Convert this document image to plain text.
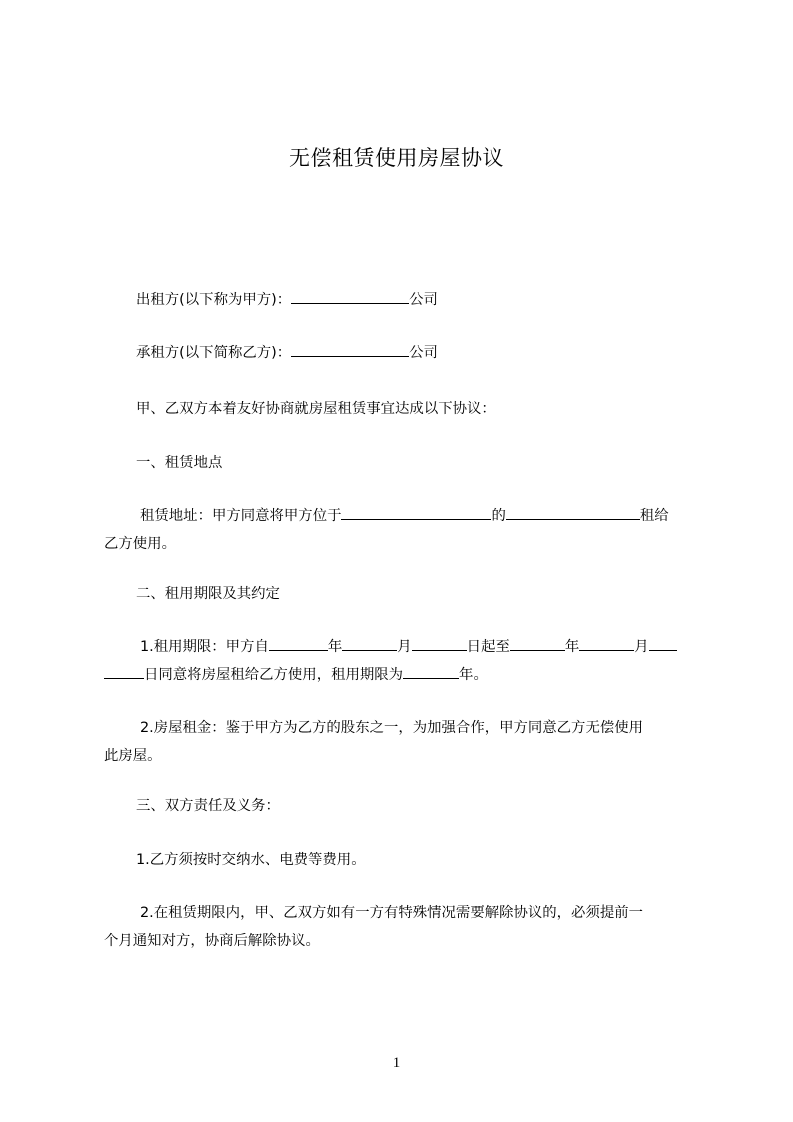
无偿租赁使用房屋协议
出租方(以下称为甲方)：	公司
承租方(以下简称乙方)：	公司
甲、乙双方本着友好协商就房屋租赁事宜达成以下协议：
一、租赁地点
租赁地址：甲方同意将甲方位于	的	租给
乙方使用。
二、租用期限及其约定
1.租用期限：甲方自	年	月	日起至	年	月
日同意将房屋租给乙方使用，租用期限为	年。
2.房屋租金：鉴于甲方为乙方的股东之一，为加强合作，甲方同意乙方无偿使用
此房屋。
三、双方责任及义务：
1.乙方须按时交纳水、电费等费用。
2.在租赁期限内，甲、乙双方如有一方有特殊情况需要解除协议的，必须提前一
个月通知对方，协商后解除协议。
1
